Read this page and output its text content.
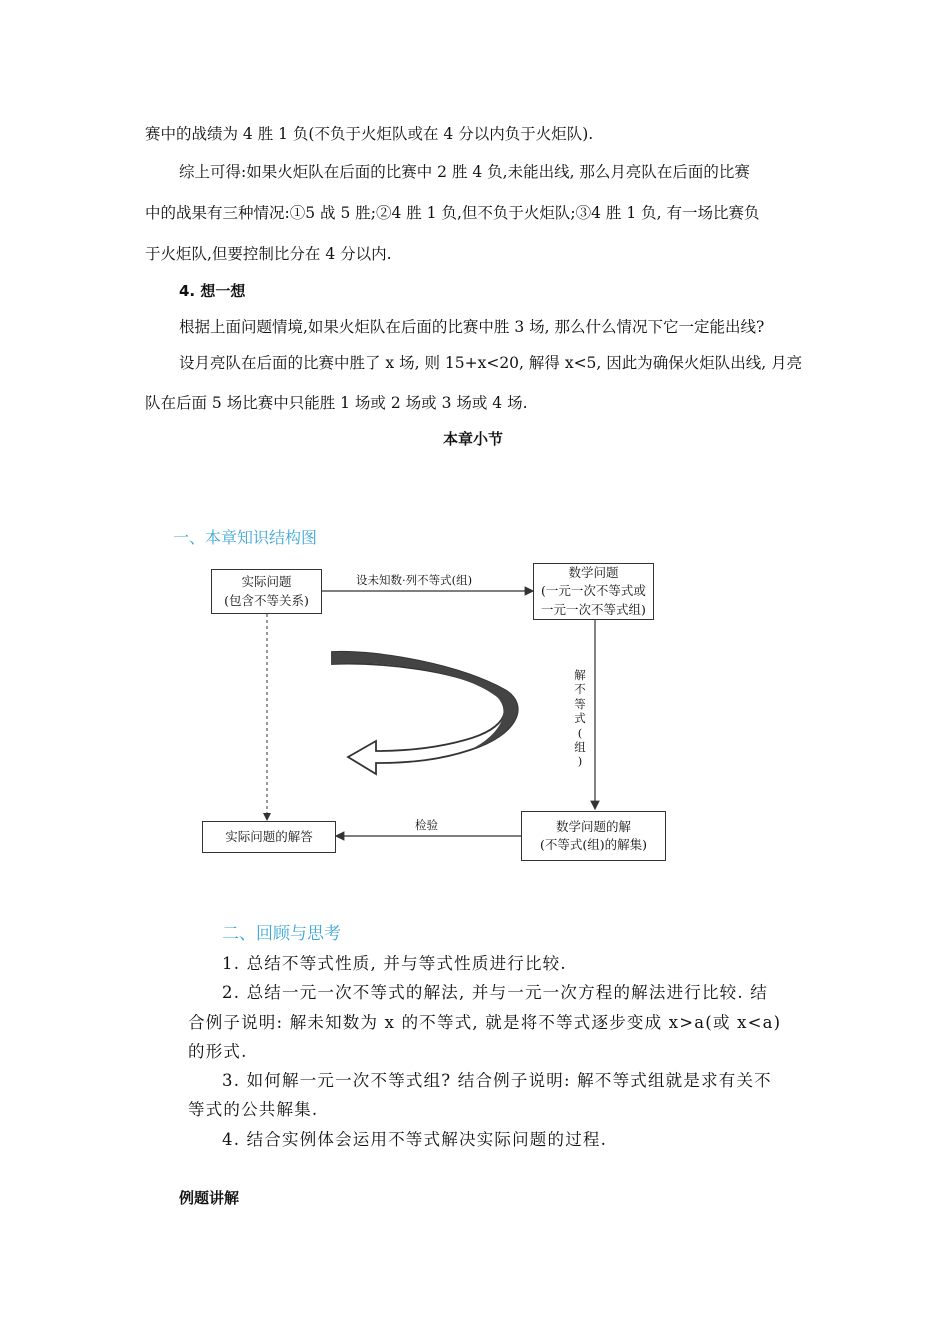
赛中的战绩为 4 胜 1 负(不负于火炬队或在 4 分以内负于火炬队).
综上可得:如果火炬队在后面的比赛中 2 胜 4 负,未能出线, 那么月亮队在后面的比赛
中的战果有三种情况:①5 战 5 胜;②4 胜 1 负,但不负于火炬队;③4 胜 1 负, 有一场比赛负
于火炬队,但要控制比分在 4 分以内.
4. 想一想
根据上面问题情境,如果火炬队在后面的比赛中胜 3 场, 那么什么情况下它一定能出线?
设月亮队在后面的比赛中胜了 x 场, 则 15+x<20, 解得 x<5, 因此为确保火炬队出线, 月亮
队在后面 5 场比赛中只能胜 1 场或 2 场或 3 场或 4 场.
本章小节
一、本章知识结构图
实际问题
(包含不等关系)
数学问题
(一元一次不等式或
一元一次不等式组)
数学问题的解
(不等式(组)的解集)
实际问题的解答
设未知数·列不等式(组)
检验
解
不
等
式
(
组
)
二、回顾与思考
1. 总结不等式性质, 并与等式性质进行比较.
2. 总结一元一次不等式的解法, 并与一元一次方程的解法进行比较. 结
合例子说明: 解未知数为 x 的不等式, 就是将不等式逐步变成 x>a(或 x<a)
的形式.
3. 如何解一元一次不等式组? 结合例子说明: 解不等式组就是求有关不
等式的公共解集.
4. 结合实例体会运用不等式解决实际问题的过程.
例题讲解
